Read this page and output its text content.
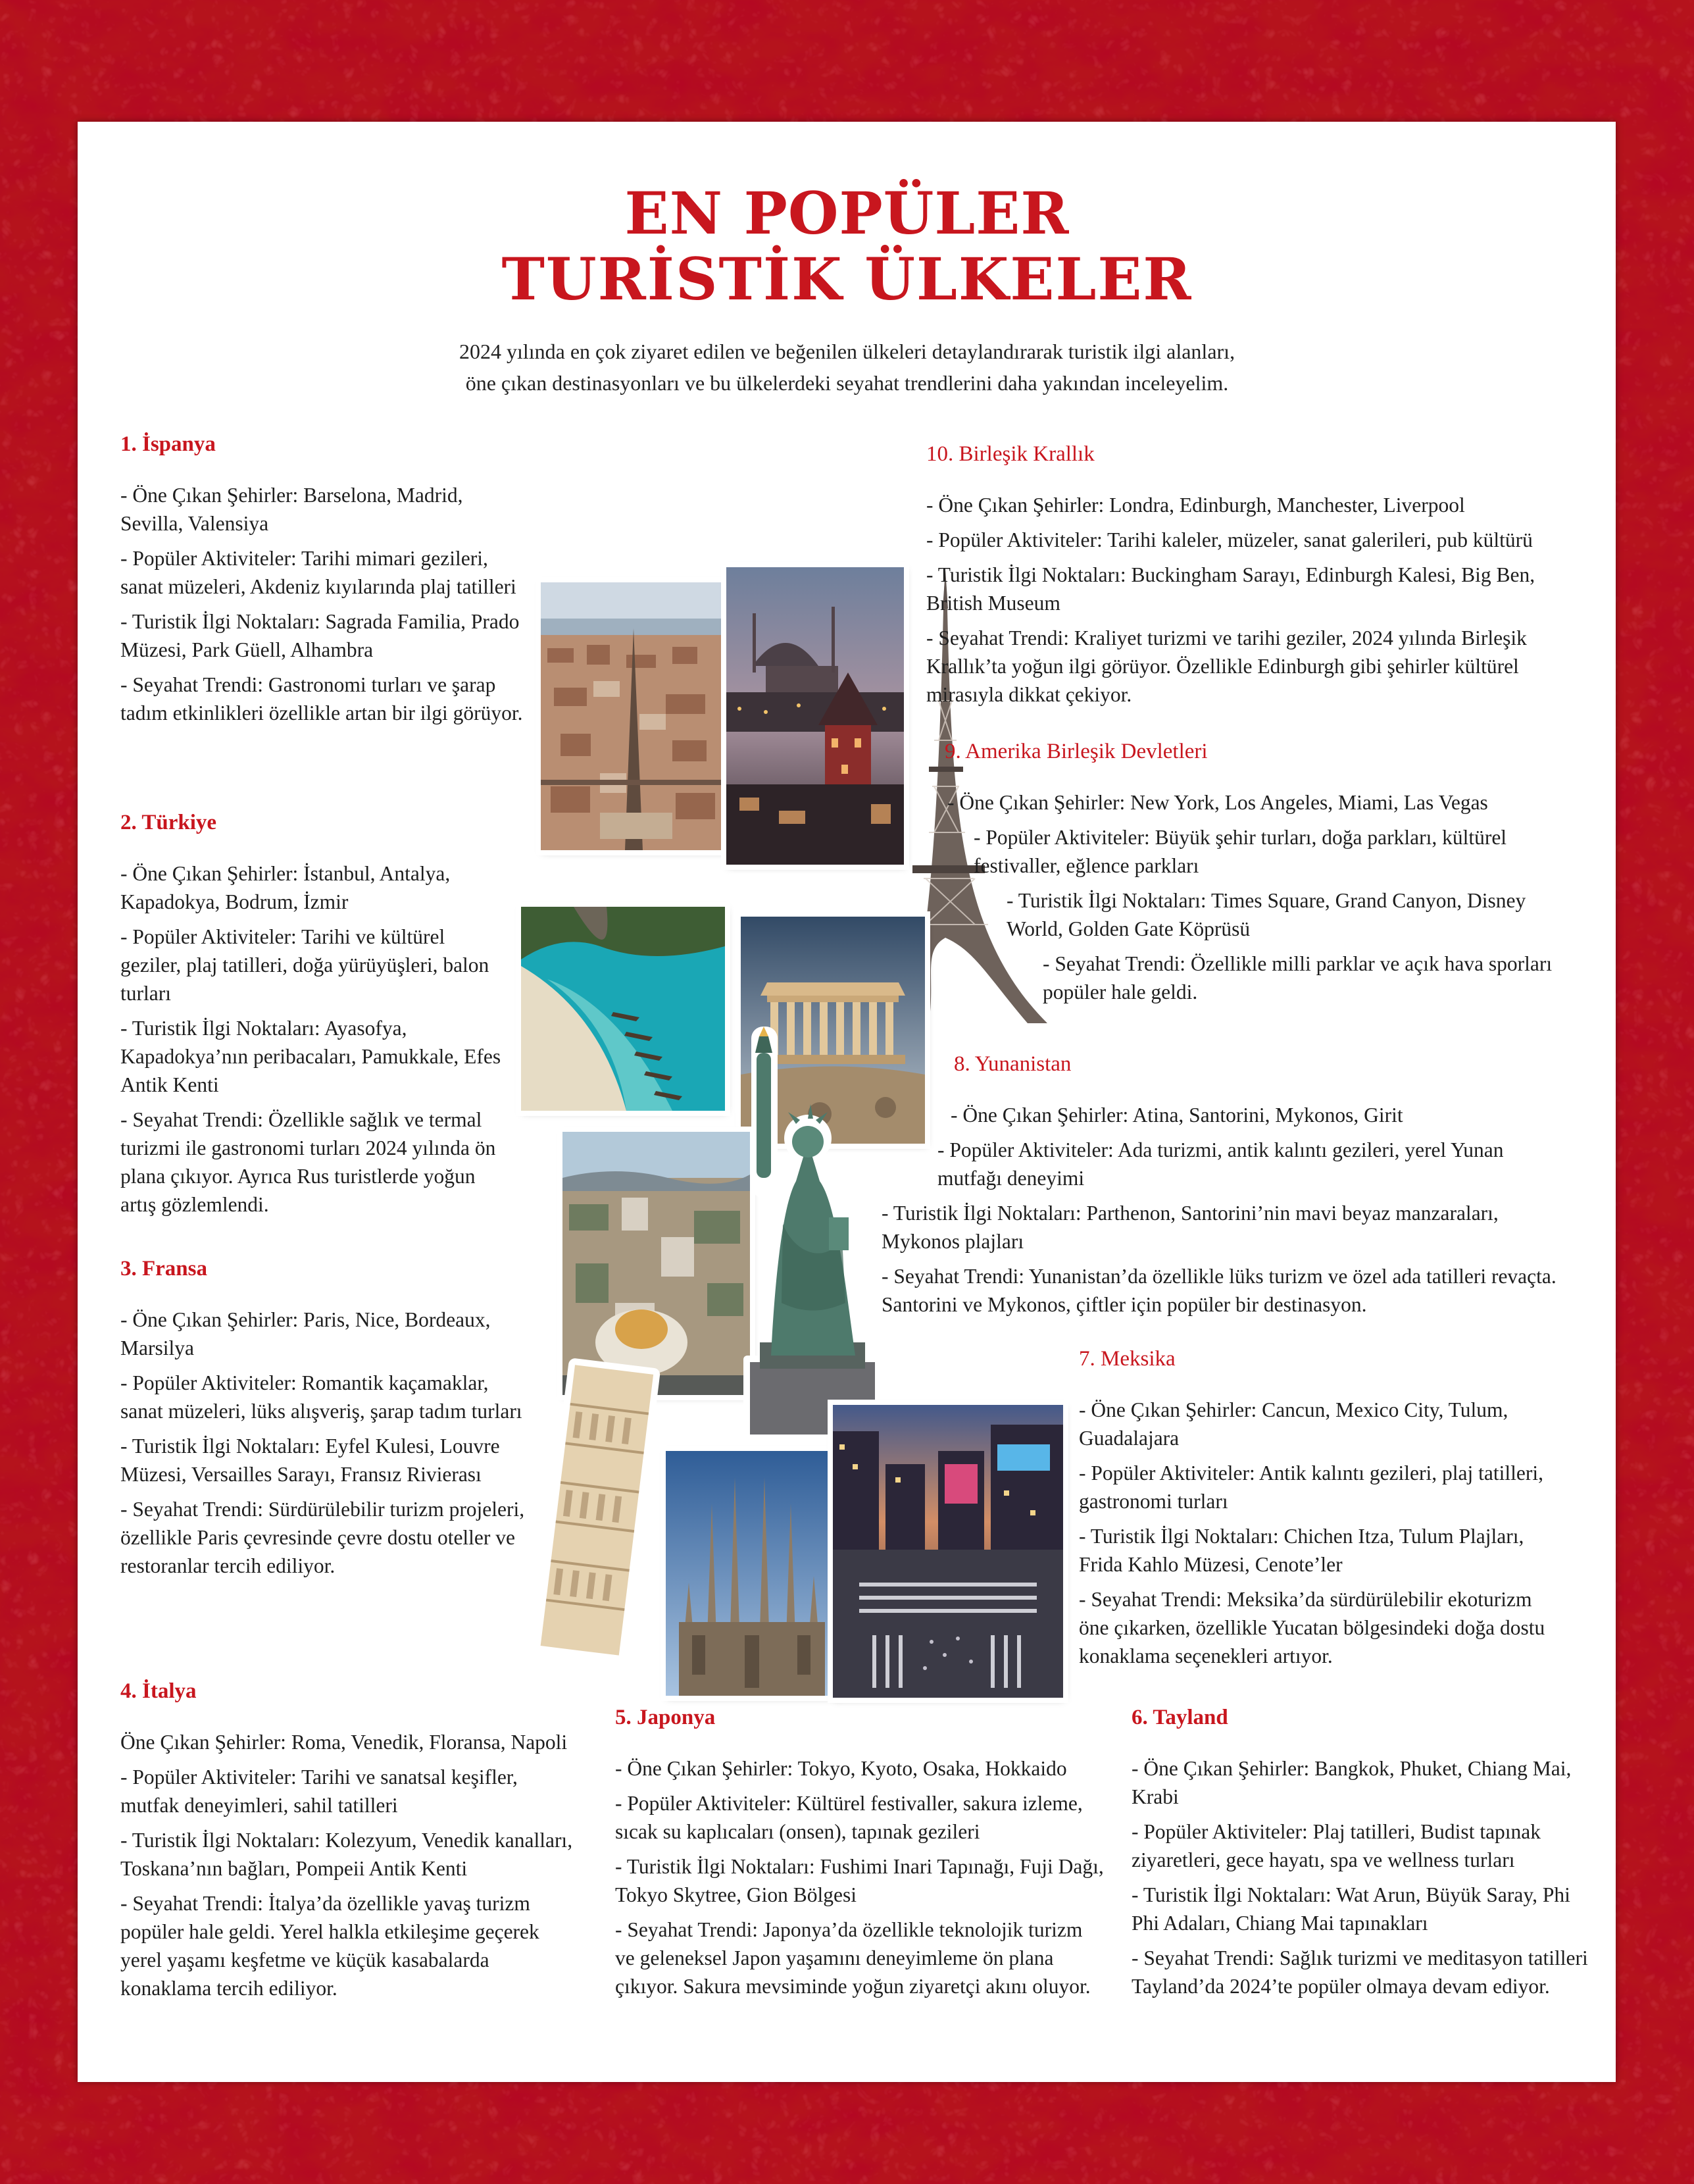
EN POPÜLER
TURİSTİK ÜLKELER
2024 yılında en çok ziyaret edilen ve beğenilen ülkeleri detaylandırarak turistik ilgi alanları,
öne çıkan destinasyonları ve bu ülkelerdeki seyahat trendlerini daha yakından inceleyelim.
1. İspanya

- Öne Çıkan Şehirler: Barselona, Madrid, Sevilla, Valensiya

- Popüler Aktiviteler: Tarihi mimari gezileri, sanat müzeleri, Akdeniz kıyılarında plaj tatilleri

- Turistik İlgi Noktaları: Sagrada Familia, Prado Müzesi, Park Güell, Alhambra

- Seyahat Trendi: Gastronomi turları ve şarap tadım etkinlikleri özellikle artan bir ilgi görüyor.

2. Türkiye

- Öne Çıkan Şehirler: İstanbul, Antalya, Kapadokya, Bodrum, İzmir

- Popüler Aktiviteler: Tarihi ve kültürel geziler, plaj tatilleri, doğa yürüyüşleri, balon turları

- Turistik İlgi Noktaları: Ayasofya, Kapadokya’nın peribacaları, Pamukkale, Efes Antik Kenti

- Seyahat Trendi: Özellikle sağlık ve termal turizmi ile gastronomi turları 2024 yılında ön plana çıkıyor. Ayrıca Rus turistlerde yoğun artış gözlemlendi.

3. Fransa

- Öne Çıkan Şehirler: Paris, Nice, Bordeaux, Marsilya

- Popüler Aktiviteler: Romantik kaçamaklar, sanat müzeleri, lüks alışveriş, şarap tadım turları

- Turistik İlgi Noktaları: Eyfel Kulesi, Louvre Müzesi, Versailles Sarayı, Fransız Rivierası

- Seyahat Trendi: Sürdürülebilir turizm projeleri, özellikle Paris çevresinde çevre dostu oteller ve restoranlar tercih ediliyor.

4. İtalya

Öne Çıkan Şehirler: Roma, Venedik, Floransa, Napoli

- Popüler Aktiviteler: Tarihi ve sanatsal keşifler, mutfak deneyimleri, sahil tatilleri

- Turistik İlgi Noktaları: Kolezyum, Venedik kanalları, Toskana’nın bağları, Pompeii Antik Kenti

- Seyahat Trendi: İtalya’da özellikle yavaş turizm popüler hale geldi. Yerel halkla etkileşime geçerek yerel yaşamı keşfetme ve küçük kasabalarda konaklama tercih ediliyor.

5. Japonya

- Öne Çıkan Şehirler: Tokyo, Kyoto, Osaka, Hokkaido

- Popüler Aktiviteler: Kültürel festivaller, sakura izleme, sıcak su kaplıcaları (onsen), tapınak gezileri

- Turistik İlgi Noktaları: Fushimi Inari Tapınağı, Fuji Dağı, Tokyo Skytree, Gion Bölgesi

- Seyahat Trendi: Japonya’da özellikle teknolojik turizm ve geleneksel Japon yaşamını deneyimleme ön plana çıkıyor. Sakura mevsiminde yoğun ziyaretçi akını oluyor.

6. Tayland

- Öne Çıkan Şehirler: Bangkok, Phuket, Chiang Mai, Krabi

- Popüler Aktiviteler: Plaj tatilleri, Budist tapınak ziyaretleri, gece hayatı, spa ve wellness turları

- Turistik İlgi Noktaları: Wat Arun, Büyük Saray, Phi Phi Adaları, Chiang Mai tapınakları

- Seyahat Trendi: Sağlık turizmi ve meditasyon tatilleri Tayland’da 2024’te popüler olmaya devam ediyor.

7. Meksika

- Öne Çıkan Şehirler: Cancun, Mexico City, Tulum, Guadalajara

- Popüler Aktiviteler: Antik kalıntı gezileri, plaj tatilleri, gastronomi turları

- Turistik İlgi Noktaları: Chichen Itza, Tulum Plajları, Frida Kahlo Müzesi, Cenote’ler

- Seyahat Trendi: Meksika’da sürdürülebilir ekoturizm öne çıkarken, özellikle Yucatan bölgesindeki doğa dostu konaklama seçenekleri artıyor.

8. Yunanistan

- Öne Çıkan Şehirler: Atina, Santorini, Mykonos, Girit

- Popüler Aktiviteler: Ada turizmi, antik kalıntı gezileri, yerel Yunan mutfağı deneyimi

- Turistik İlgi Noktaları: Parthenon, Santorini’nin mavi beyaz manzaraları, Mykonos plajları

- Seyahat Trendi: Yunanistan’da özellikle lüks turizm ve özel ada tatilleri revaçta. Santorini ve Mykonos, çiftler için popüler bir destinasyon.

9. Amerika Birleşik Devletleri

- Öne Çıkan Şehirler: New York, Los Angeles, Miami, Las Vegas

- Popüler Aktiviteler: Büyük şehir turları, doğa parkları, kültürel festivaller, eğlence parkları

- Turistik İlgi Noktaları: Times Square, Grand Canyon, Disney World, Golden Gate Köprüsü

- Seyahat Trendi: Özellikle milli parklar ve açık hava sporları popüler hale geldi.

10. Birleşik Krallık

- Öne Çıkan Şehirler: Londra, Edinburgh, Manchester, Liverpool

- Popüler Aktiviteler: Tarihi kaleler, müzeler, sanat galerileri, pub kültürü

- Turistik İlgi Noktaları: Buckingham Sarayı, Edinburgh Kalesi, Big Ben, British Museum

- Seyahat Trendi: Kraliyet turizmi ve tarihi geziler, 2024 yılında Birleşik Krallık’ta yoğun ilgi görüyor. Özellikle Edinburgh gibi şehirler kültürel mirasıyla dikkat çekiyor.
